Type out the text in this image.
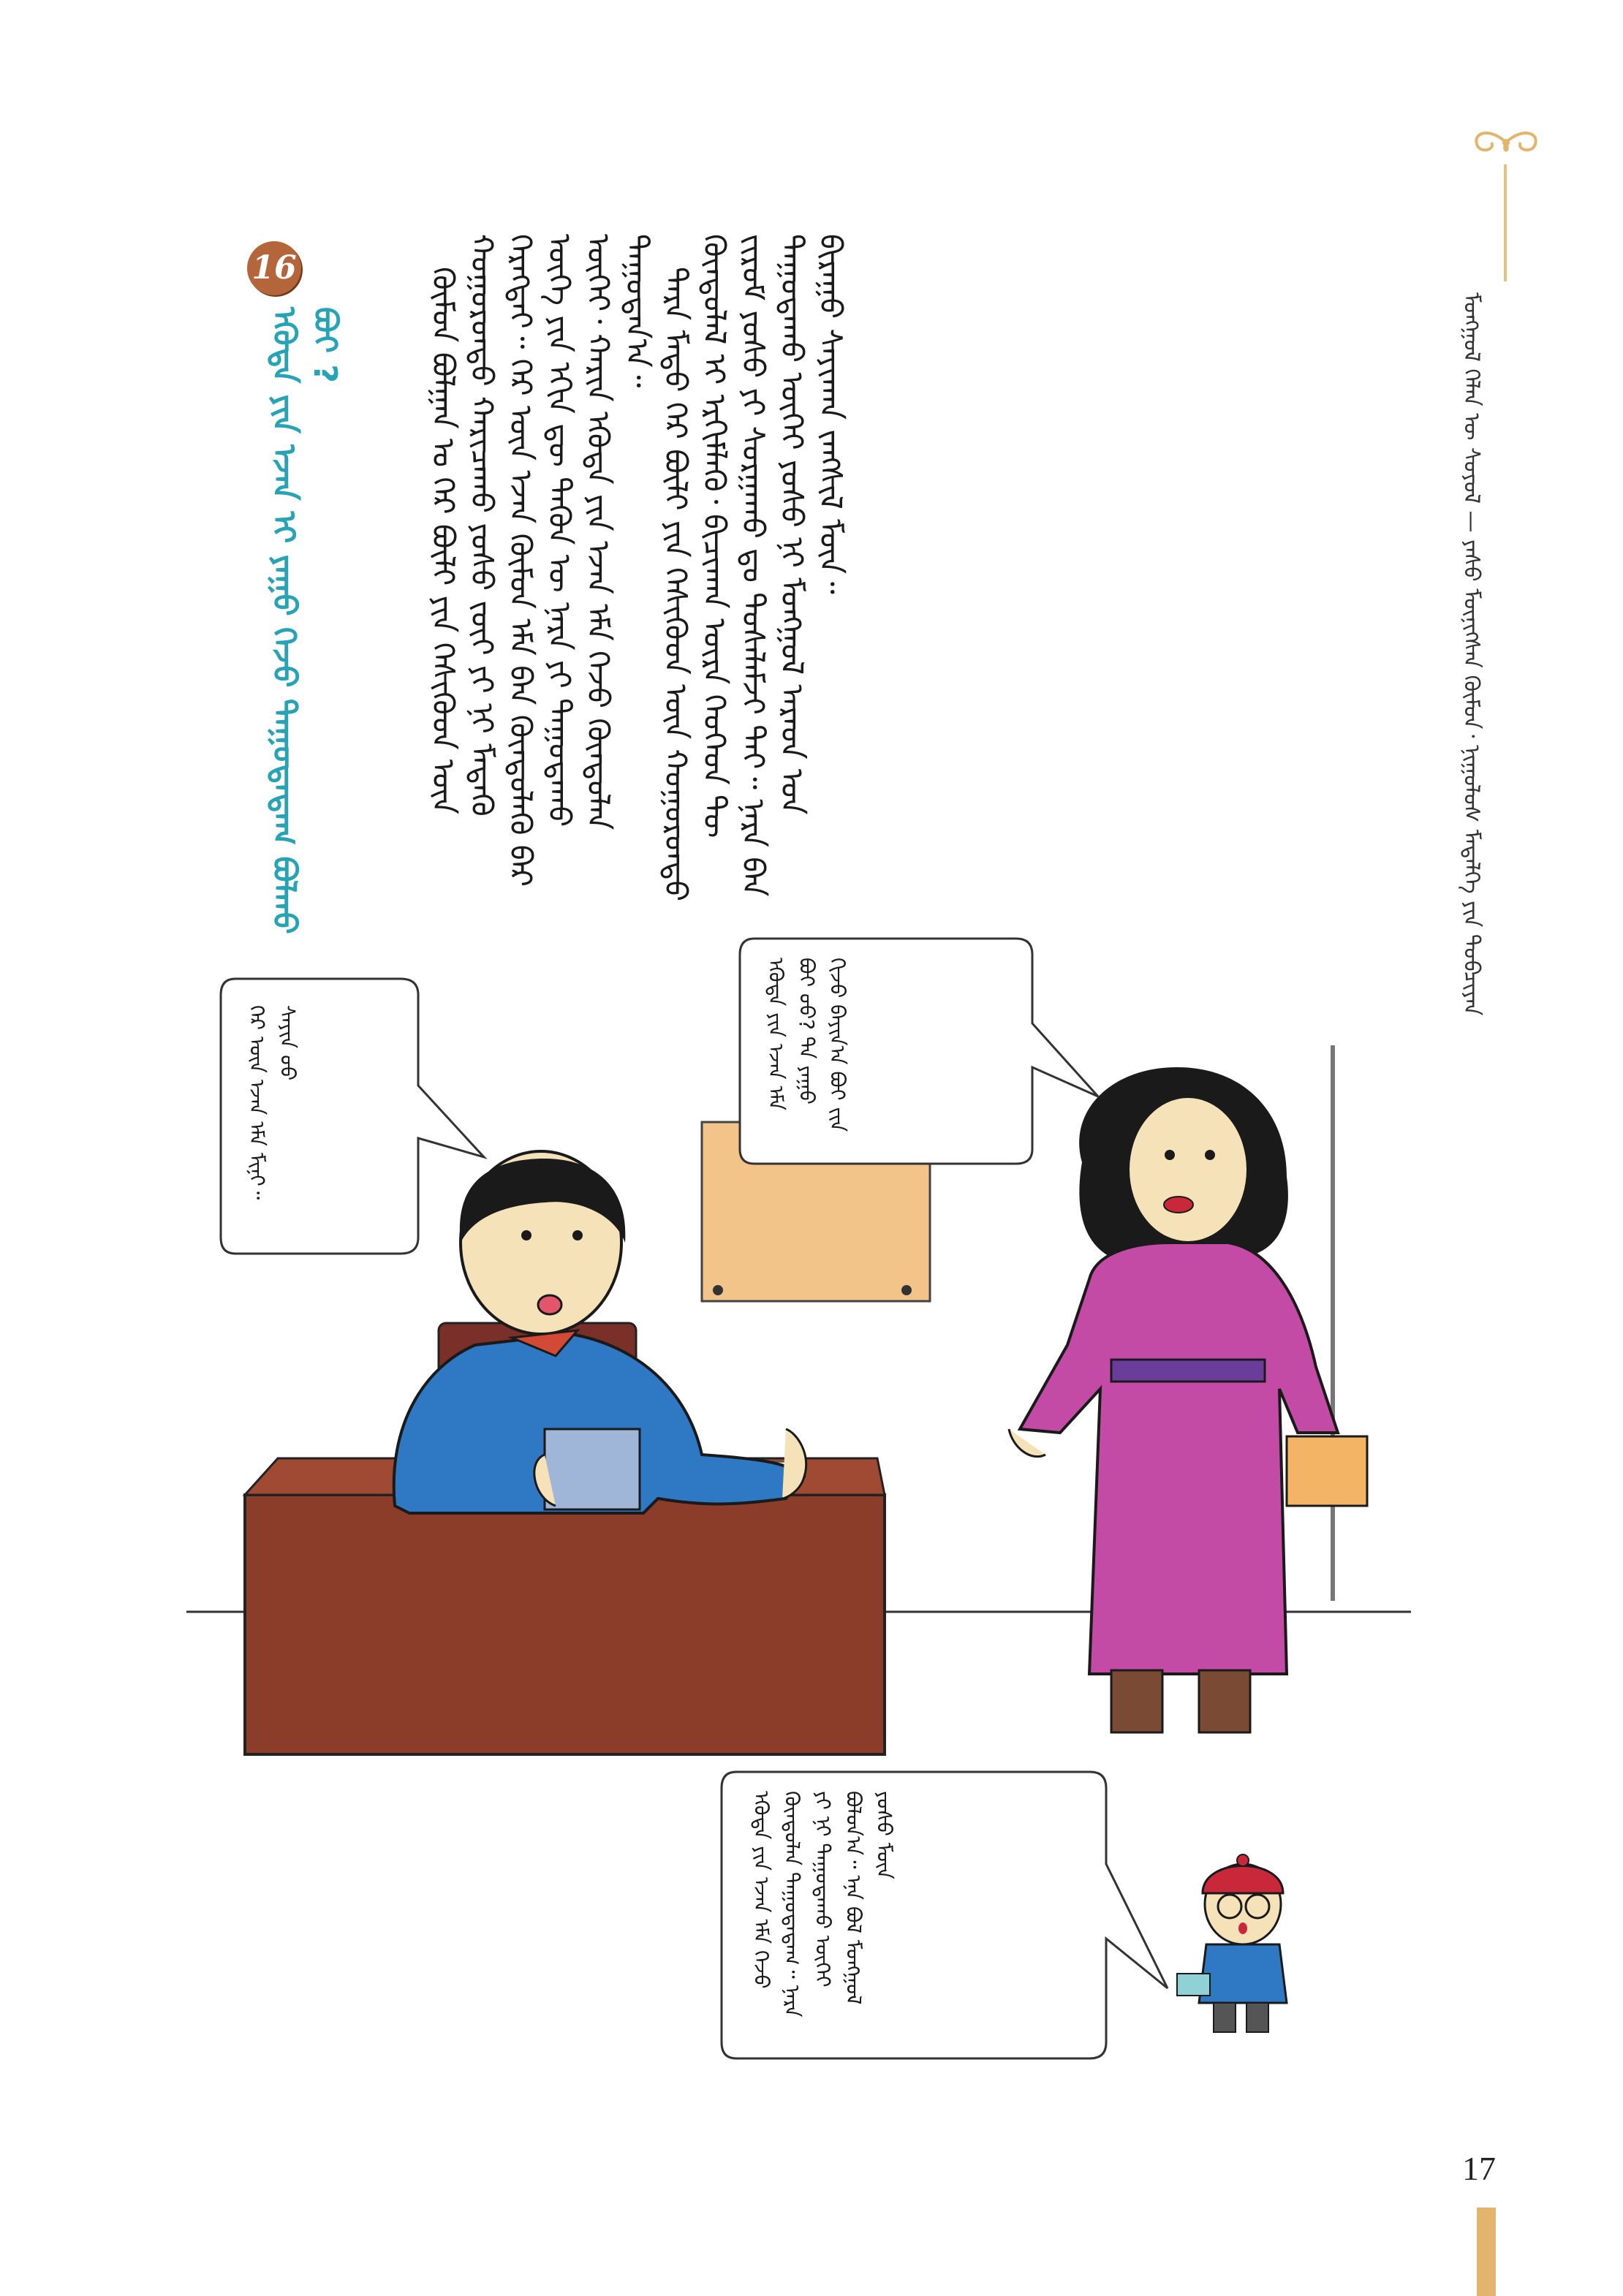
ᠮᠣᠩᠭᠣᠯ ᠬᠡᠯᠡᠨ ᠦ ᠰᠣᠶᠣᠯ — ᠶᠠᠰᠤ ᠮᠦᠨᠢᠭᠰᠡᠨ ᠬᠦᠮᠦᠨ᠂ ᠨᠢᠭᠤᠯᠤᠰ ᠮᠡᠳᠡᠯᠭᠡ ᠶᠢᠨ ᠲᠣᠪᠴᠢᠶᠠᠨ

ᠬᠦᠮᠦᠨ ᠪᠣᠯᠭᠠᠨ ᠤ ᠭᠡᠷ ᠪᠦᠯᠢ ᠶᠢᠨ ᠭᠡᠰᠢᠭᠦᠳ ᠦᠨ ᠬᠣᠭᠣᠷᠣᠨᠳᠣ ᠬᠠᠷᠢᠴᠠᠬᠤ ᠶᠣᠰᠤ ᠵᠦᠢ ᠶᠢ ᠨᠢ ᠮᠡᠳᠡᠬᠦ ᠬᠡᠷᠡᠭᠲᠡᠶ᠃ ᠭᠡᠷ ᠦᠨ ᠡᠵᠡᠨ ᠬᠦᠮᠦᠨ ᠡᠮᠡ ᠪᠠᠨ ᠬᠦᠨᠳᠦᠯᠡᠬᠦ ᠪᠡᠷ ᠦᠭᠡ ᠶᠢᠨ ᠡᠬᠢᠨ ᠳᠦ ᠲᠡᠭᠦᠨ ᠦ ᠨᠡᠷᠡ ᠶᠢ ᠳᠠᠭᠤᠳᠠᠬᠤ ᠦᠭᠡᠢ᠂ ᠬᠠᠷᠢᠨ ᠡᠭᠦᠳᠡ ᠶᠢᠨ ᠡᠵᠡᠨ ᠡᠮᠡ ᠭᠡᠵᠦ ᠬᠦᠨᠳᠦᠯᠡᠨ ᠳᠠᠭᠤᠳᠠᠨ᠎ᠠ᠃ ᠲᠡᠷᠡ ᠮᠡᠲᠦ ᠭᠡᠷ ᠪᠦᠯᠢ ᠶᠢᠨ ᠭᠡᠰᠢᠭᠦᠳ ᠦᠨ ᠬᠣᠭᠣᠷᠣᠨᠳᠣ ᠬᠦᠨᠳᠦᠯᠡᠯ ᠢ ᠡᠷᠬᠢᠮᠯᠡᠬᠦ᠂ ᠪᠢᠴᠢᠬᠠᠨ ᠦᠷᠡ ᠬᠡᠦᠬᠡᠳ ᠲᠦ ᠵᠢᠷᠤᠮ ᠶᠣᠰᠤ ᠶᠢ ᠰᠤᠷᠭᠠᠬᠤ ᠳᠤ ᠲᠤᠰᠠᠯᠠᠮᠵᠢ ᠲᠠᠢ᠃ ᠨᠡᠷᠡ ᠪᠠᠨ ᠳᠠᠭᠤᠳᠠᠬᠤ ᠦᠭᠡᠢ ᠶᠣᠰᠤ ᠨᠢ ᠮᠣᠩᠭᠣᠯ ᠠᠷᠠᠳ ᠤᠨ ᠪᠢᠷᠠᠭᠤ ᠰᠠᠶᠢᠬᠠᠨ ᠵᠠᠩᠰᠢᠯ ᠮᠥᠨ᠃

16
ᠡᠭᠦᠳᠡ ᠶᠢᠨ ᠡᠵᠡᠨ ᠢ ᠶᠠᠭᠤ ᠭᠡᠵᠦ ᠳᠠᠭᠤᠳᠠᠳᠠᠭ ᠪᠣᠯᠬᠤ ᠪᠤᠢ ?
ᠡᠭᠦᠳᠡ ᠶᠢᠨ ᠡᠵᠡᠨ ᠡᠮᠡ ᠪᠣᠢ ᠤᠤ? ᠲᠠ ᠶᠠᠭᠤ ᠬᠢᠵᠦ ᠪᠠᠶᠢᠨ᠎ᠠ ᠪᠣᠢ ᠵᠢᠨ
ᠭᠡᠷ ᠦᠨ ᠡᠵᠡᠨ ᠡᠮᠡ ᠮᠢᠨᠢ᠃ ᠰᠠᠶᠢᠨ ᠤᠤ
ᠡᠭᠦᠳᠡ ᠶᠢᠨ ᠡᠵᠡᠨ ᠡᠮᠡ ᠭᠡᠵᠦ ᠬᠦᠨᠳᠦᠯᠡᠨ ᠳᠠᠭᠤᠳᠠᠳᠠᠭ᠃ ᠨᠡᠷᠡ ᠶᠢ ᠨᠢ ᠳᠠᠭᠤᠳᠠᠬᠤ ᠦᠭᠡᠢ ᠪᠣᠯᠤᠨ᠎ᠠ᠃ ᠡᠨᠡ ᠪᠣᠯ ᠮᠣᠩᠭᠣᠯ ᠶᠣᠰᠤ ᠮᠥᠨ
17
